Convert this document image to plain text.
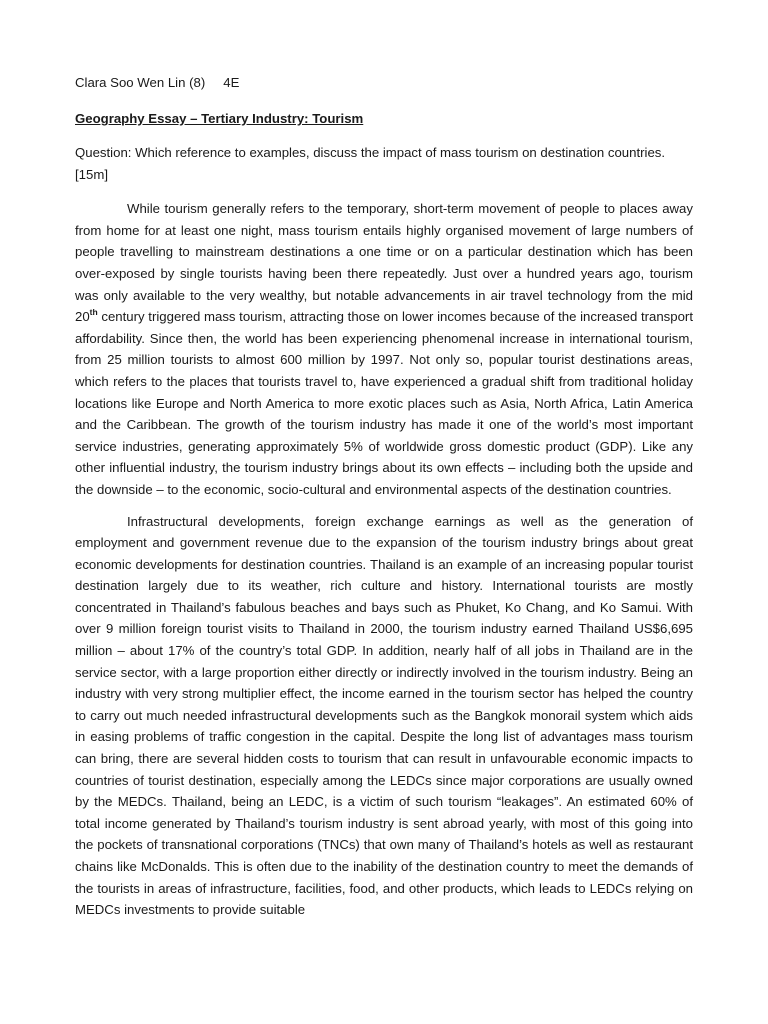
Clara Soo Wen Lin (8) 4E
Geography Essay – Tertiary Industry: Tourism
Question: Which reference to examples, discuss the impact of mass tourism on destination countries. [15m]

While tourism generally refers to the temporary, short-term movement of people to places away from home for at least one night, mass tourism entails highly organised movement of large numbers of people travelling to mainstream destinations a one time or on a particular destination which has been over-exposed by single tourists having been there repeatedly. Just over a hundred years ago, tourism was only available to the very wealthy, but notable advancements in air travel technology from the mid 20th century triggered mass tourism, attracting those on lower incomes because of the increased transport affordability. Since then, the world has been experiencing phenomenal increase in international tourism, from 25 million tourists to almost 600 million by 1997. Not only so, popular tourist destinations areas, which refers to the places that tourists travel to, have experienced a gradual shift from traditional holiday locations like Europe and North America to more exotic places such as Asia, North Africa, Latin America and the Caribbean. The growth of the tourism industry has made it one of the world’s most important service industries, generating approximately 5% of worldwide gross domestic product (GDP). Like any other influential industry, the tourism industry brings about its own effects – including both the upside and the downside – to the economic, socio-cultural and environmental aspects of the destination countries.

Infrastructural developments, foreign exchange earnings as well as the generation of employment and government revenue due to the expansion of the tourism industry brings about great economic developments for destination countries. Thailand is an example of an increasing popular tourist destination largely due to its weather, rich culture and history. International tourists are mostly concentrated in Thailand’s fabulous beaches and bays such as Phuket, Ko Chang, and Ko Samui. With over 9 million foreign tourist visits to Thailand in 2000, the tourism industry earned Thailand US$6,695 million – about 17% of the country’s total GDP. In addition, nearly half of all jobs in Thailand are in the service sector, with a large proportion either directly or indirectly involved in the tourism industry. Being an industry with very strong multiplier effect, the income earned in the tourism sector has helped the country to carry out much needed infrastructural developments such as the Bangkok monorail system which aids in easing problems of traffic congestion in the capital. Despite the long list of advantages mass tourism can bring, there are several hidden costs to tourism that can result in unfavourable economic impacts to countries of tourist destination, especially among the LEDCs since major corporations are usually owned by the MEDCs. Thailand, being an LEDC, is a victim of such tourism “leakages”. An estimated 60% of total income generated by Thailand’s tourism industry is sent abroad yearly, with most of this going into the pockets of transnational corporations (TNCs) that own many of Thailand’s hotels as well as restaurant chains like McDonalds. This is often due to the inability of the destination country to meet the demands of the tourists in areas of infrastructure, facilities, food, and other products, which leads to LEDCs relying on MEDCs investments to provide suitable
